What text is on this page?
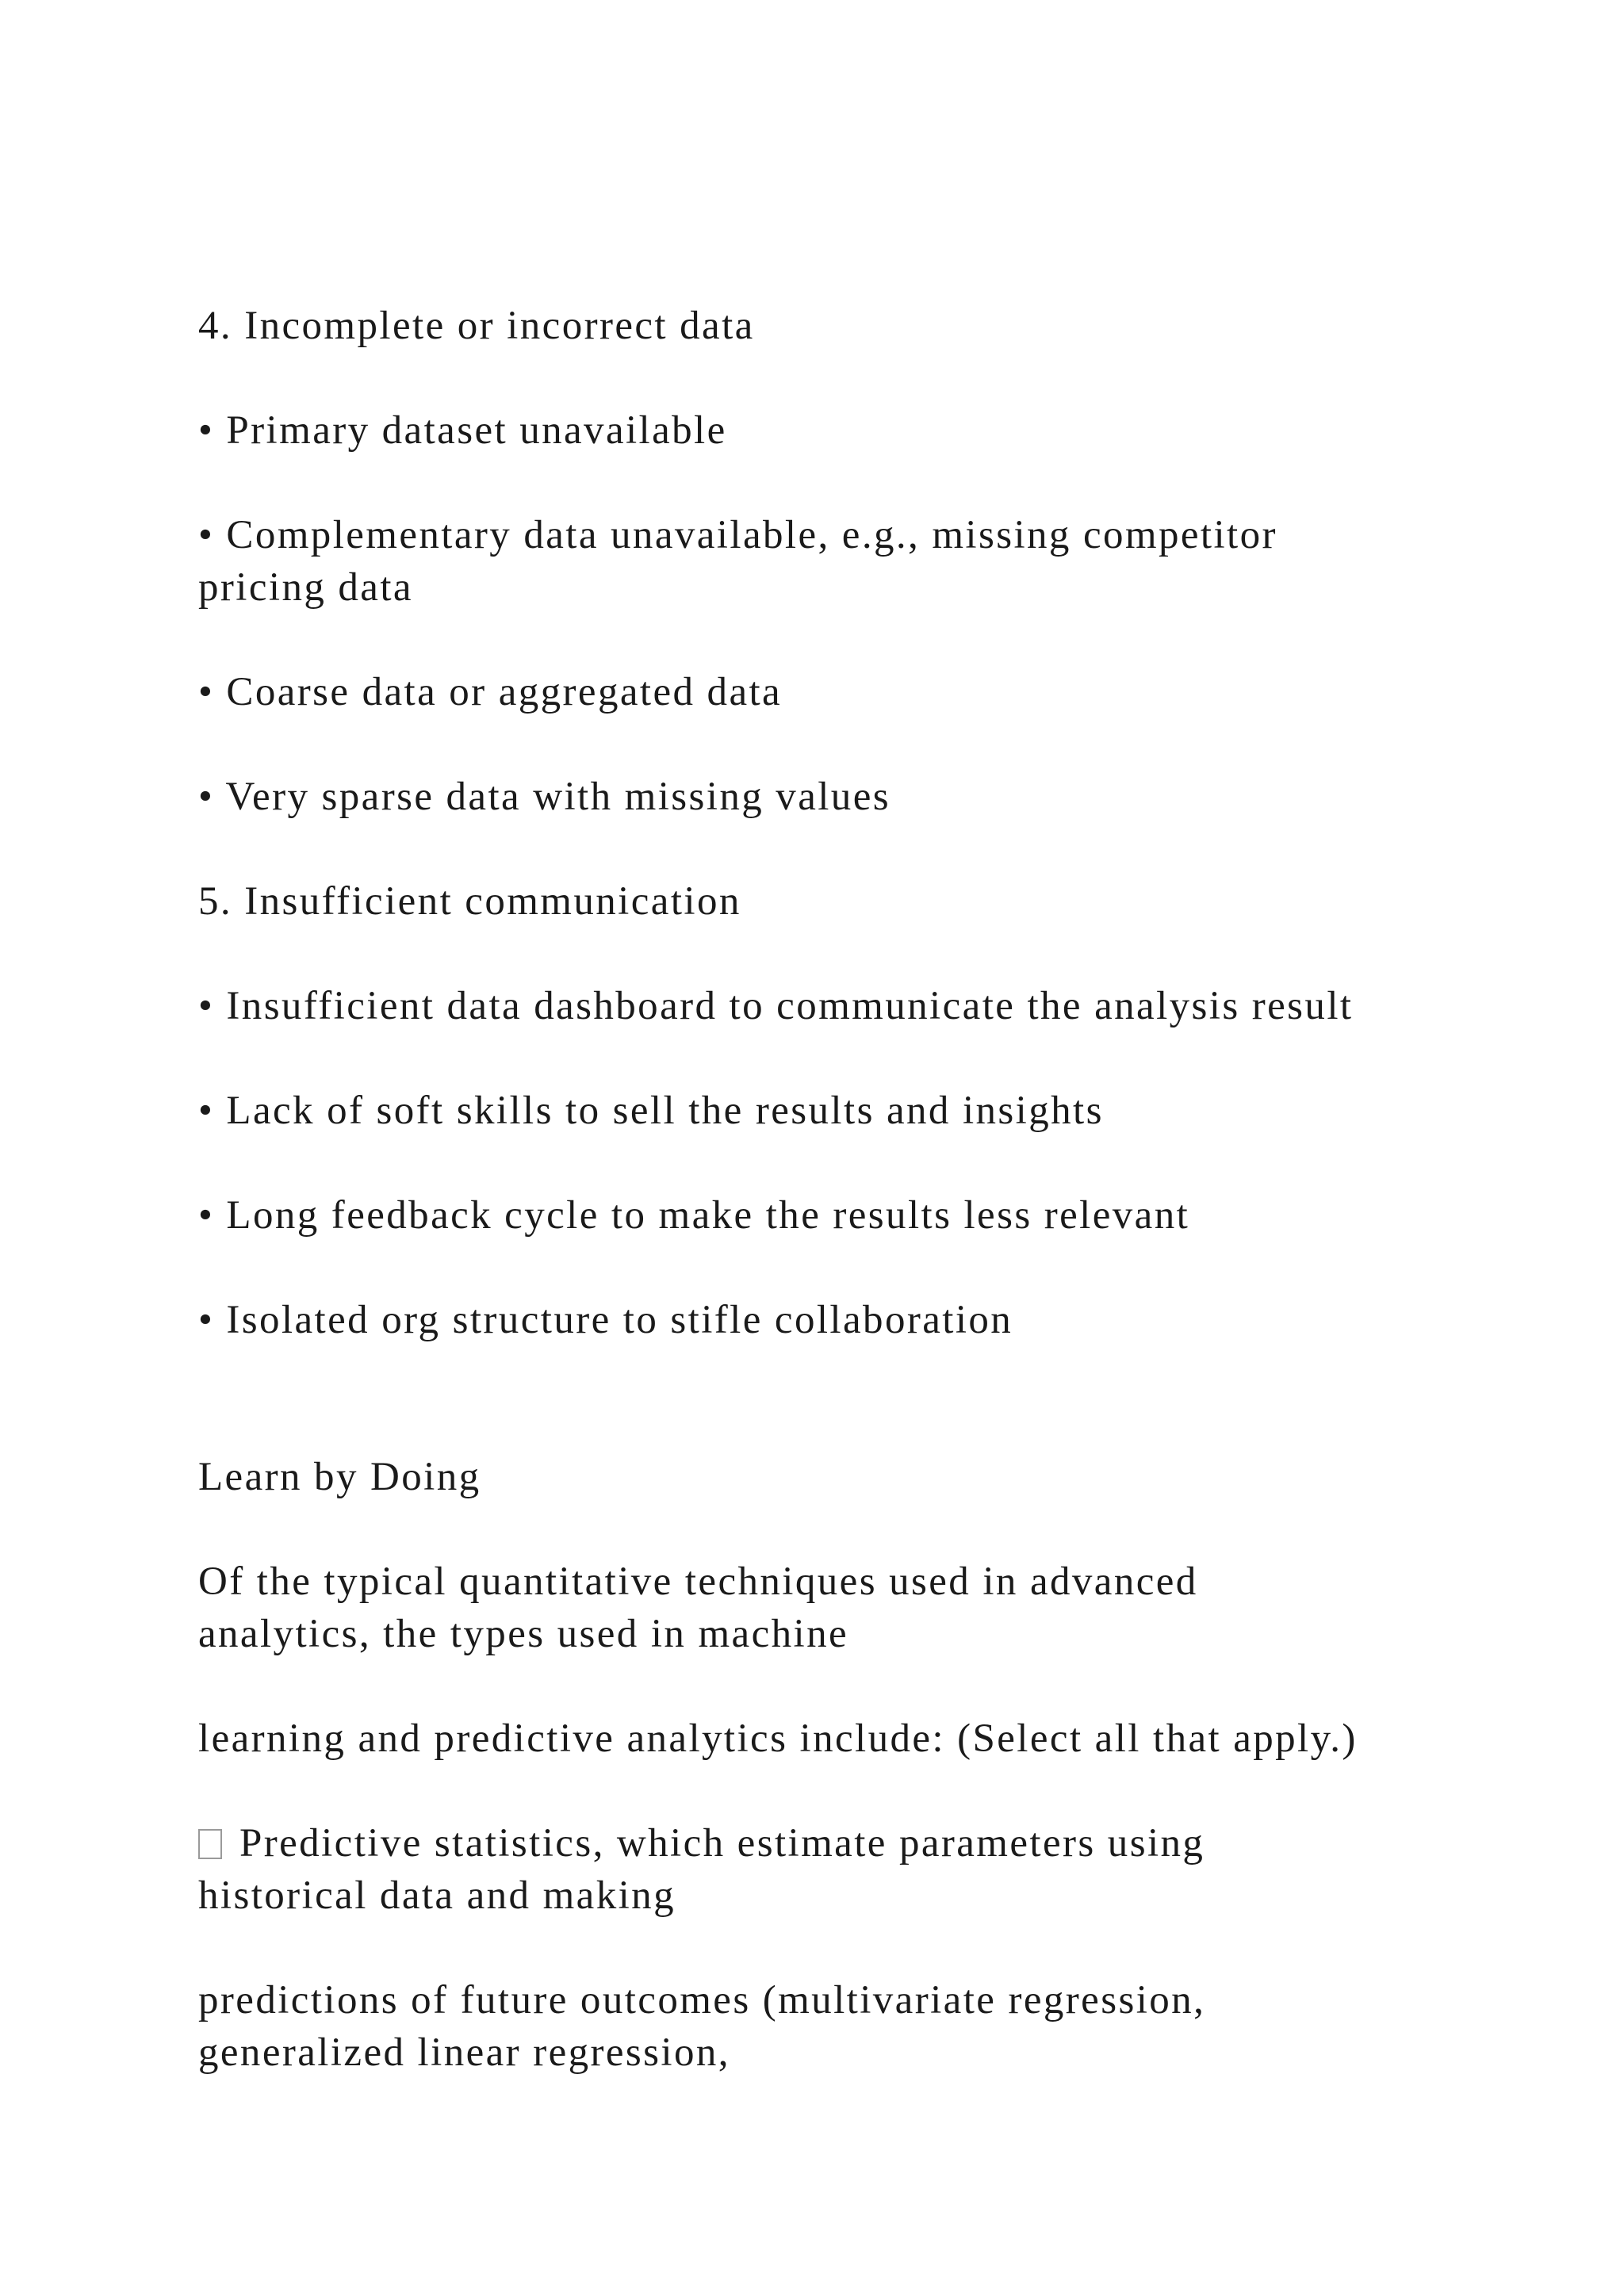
4. Incomplete or incorrect data

• Primary dataset unavailable

• Complementary data unavailable, e.g., missing competitor

pricing data

• Coarse data or aggregated data

• Very sparse data with missing values

5. Insufficient communication

• Insufficient data dashboard to communicate the analysis result

• Lack of soft skills to sell the results and insights

• Long feedback cycle to make the results less relevant

• Isolated org structure to stifle collaboration

Learn by Doing

Of the typical quantitative techniques used in advanced

analytics, the types used in machine

learning and predictive analytics include: (Select all that apply.)

Predictive statistics, which estimate parameters using

historical data and making

predictions of future outcomes (multivariate regression,

generalized linear regression,
